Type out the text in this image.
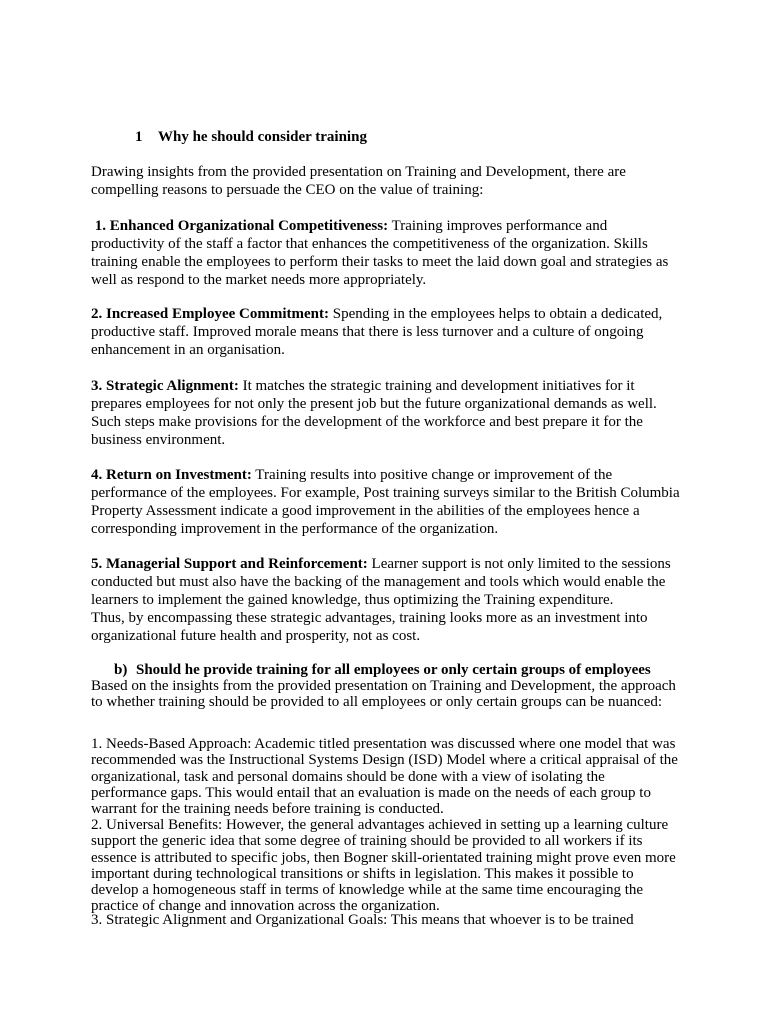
1 Why he should consider training

Drawing insights from the provided presentation on Training and Development, there are compelling reasons to persuade the CEO on the value of training:

1. Enhanced Organizational Competitiveness: Training improves performance and productivity of the staff a factor that enhances the competitiveness of the organization. Skills training enable the employees to perform their tasks to meet the laid down goal and strategies as well as respond to the market needs more appropriately.

2. Increased Employee Commitment: Spending in the employees helps to obtain a dedicated, productive staff. Improved morale means that there is less turnover and a culture of ongoing enhancement in an organisation.

3. Strategic Alignment: It matches the strategic training and development initiatives for it prepares employees for not only the present job but the future organizational demands as well. Such steps make provisions for the development of the workforce and best prepare it for the business environment.

4. Return on Investment: Training results into positive change or improvement of the performance of the employees. For example, Post training surveys similar to the British Columbia Property Assessment indicate a good improvement in the abilities of the employees hence a corresponding improvement in the performance of the organization.

5. Managerial Support and Reinforcement: Learner support is not only limited to the sessions conducted but must also have the backing of the management and tools which would enable the learners to implement the gained knowledge, thus optimizing the Training expenditure.

Thus, by encompassing these strategic advantages, training looks more as an investment into organizational future health and prosperity, not as cost.

b) Should he provide training for all employees or only certain groups of employees

Based on the insights from the provided presentation on Training and Development, the approach to whether training should be provided to all employees or only certain groups can be nuanced:

1. Needs-Based Approach: Academic titled presentation was discussed where one model that was recommended was the Instructional Systems Design (ISD) Model where a critical appraisal of the organizational, task and personal domains should be done with a view of isolating the performance gaps. This would entail that an evaluation is made on the needs of each group to warrant for the training needs before training is conducted.

2. Universal Benefits: However, the general advantages achieved in setting up a learning culture support the generic idea that some degree of training should be provided to all workers if its essence is attributed to specific jobs, then Bogner skill-orientated training might prove even more important during technological transitions or shifts in legislation. This makes it possible to develop a homogeneous staff in terms of knowledge while at the same time encouraging the practice of change and innovation across the organization.

3. Strategic Alignment and Organizational Goals: This means that whoever is to be trained
